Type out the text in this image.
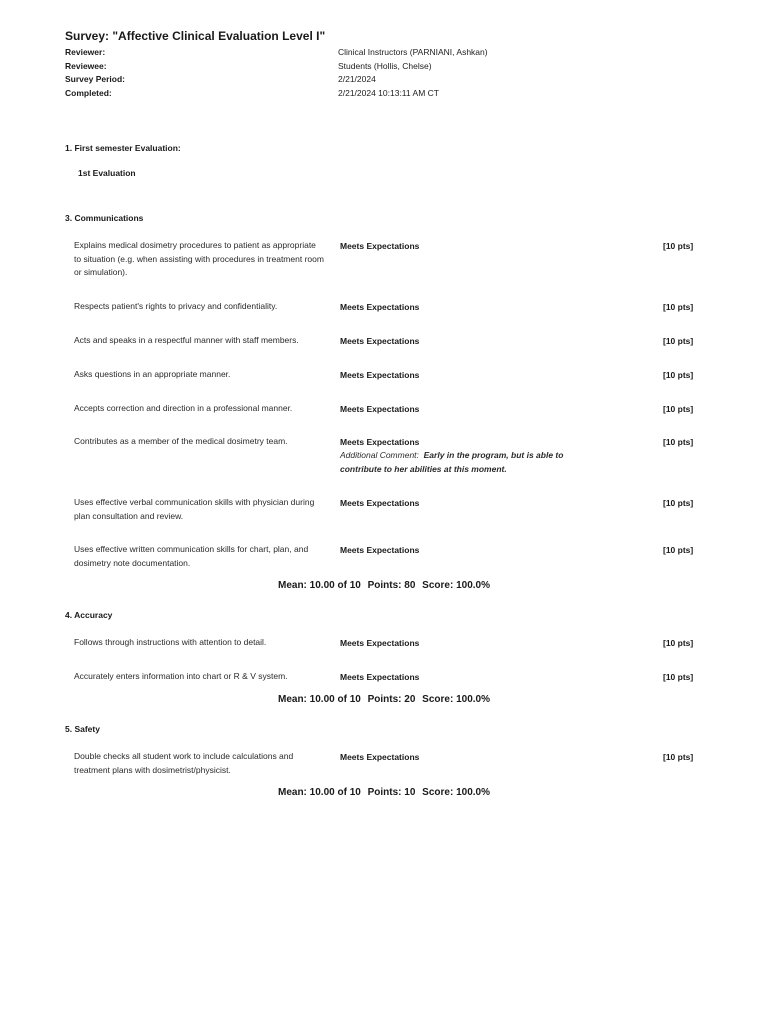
Survey: "Affective Clinical Evaluation Level I"
Reviewer:	Clinical Instructors (PARNIANI, Ashkan)
Reviewee:	Students (Hollis, Chelse)
Survey Period:	2/21/2024
Completed:	2/21/2024 10:13:11 AM CT
1. First semester Evaluation:
1st Evaluation
3. Communications
Explains medical dosimetry procedures to patient as appropriate to situation (e.g. when assisting with procedures in treatment room or simulation).
Meets Expectations	[10 pts]
Respects patient's rights to privacy and confidentiality.	Meets Expectations	[10 pts]
Acts and speaks in a respectful manner with staff members.	Meets Expectations	[10 pts]
Asks questions in an appropriate manner.	Meets Expectations	[10 pts]
Accepts correction and direction in a professional manner.	Meets Expectations	[10 pts]
Contributes as a member of the medical dosimetry team.	Meets Expectations	[10 pts]
Additional Comment: Early in the program, but is able to contribute to her abilities at this moment.
Uses effective verbal communication skills with physician during plan consultation and review.
Meets Expectations	[10 pts]
Uses effective written communication skills for chart, plan, and dosimetry note documentation.
Meets Expectations	[10 pts]
Mean: 10.00 of 10 Points: 80 Score: 100.0%
4. Accuracy
Follows through instructions with attention to detail.	Meets Expectations	[10 pts]
Accurately enters information into chart or R & V system.	Meets Expectations	[10 pts]
Mean: 10.00 of 10 Points: 20 Score: 100.0%
5. Safety
Double checks all student work to include calculations and treatment plans with dosimetrist/physicist.
Meets Expectations	[10 pts]
Mean: 10.00 of 10 Points: 10 Score: 100.0%
